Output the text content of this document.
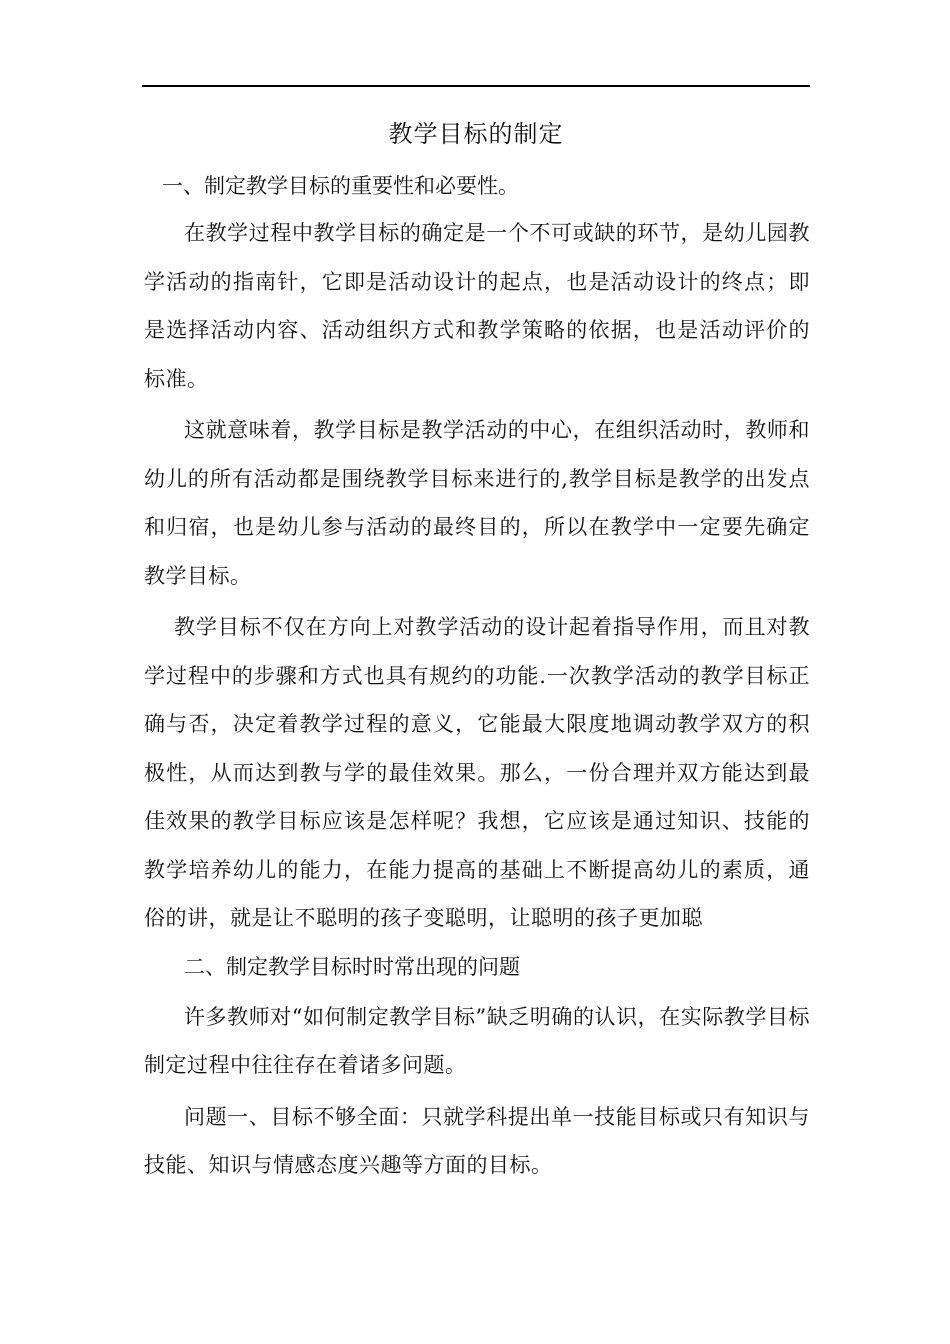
教学目标的制定

一、制定教学目标的重要性和必要性。

在教学过程中教学目标的确定是一个不可或缺的环节，是幼儿园教学活动的指南针，它即是活动设计的起点，也是活动设计的终点；即是选择活动内容、活动组织方式和教学策略的依据，也是活动评价的标准。

这就意味着，教学目标是教学活动的中心，在组织活动时，教师和幼儿的所有活动都是围绕教学目标来进行的,教学目标是教学的出发点和归宿，也是幼儿参与活动的最终目的，所以在教学中一定要先确定教学目标。

教学目标不仅在方向上对教学活动的设计起着指导作用，而且对教学过程中的步骤和方式也具有规约的功能.一次教学活动的教学目标正确与否，决定着教学过程的意义，它能最大限度地调动教学双方的积极性，从而达到教与学的最佳效果。那么，一份合理并双方能达到最佳效果的教学目标应该是怎样呢？我想，它应该是通过知识、技能的教学培养幼儿的能力，在能力提高的基础上不断提高幼儿的素质，通俗的讲，就是让不聪明的孩子变聪明，让聪明的孩子更加聪

二、制定教学目标时时常出现的问题

许多教师对“如何制定教学目标”缺乏明确的认识，在实际教学目标制定过程中往往存在着诸多问题。

问题一、目标不够全面：只就学科提出单一技能目标或只有知识与技能、知识与情感态度兴趣等方面的目标。
